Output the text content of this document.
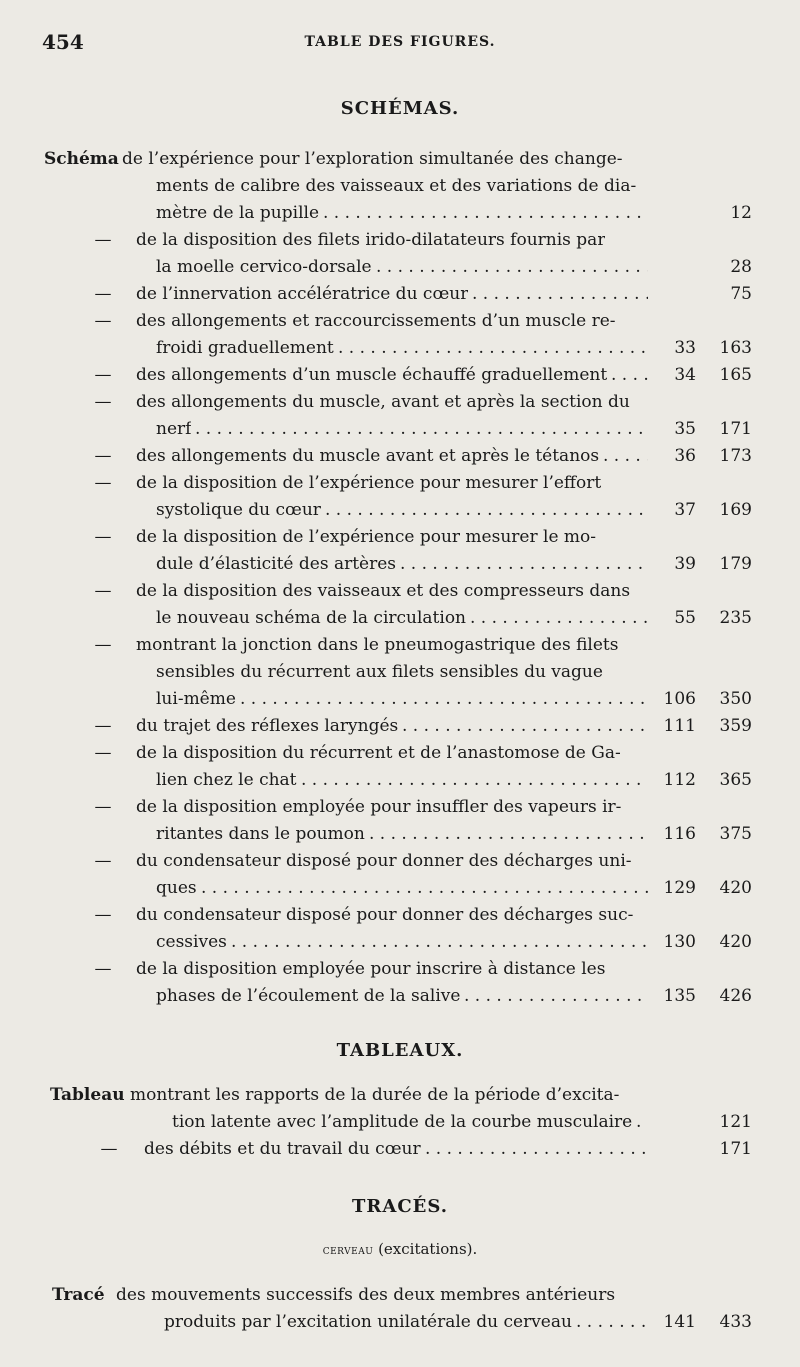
454	TABLE DES FIGURES.
SCHÉMAS.
Schéma de l’expérience pour l’exploration simultanée des change-
ments de calibre des vaisseaux et des variations de dia-
mètre de la pupille . . .	12
—	de la disposition des filets irido-dilatateurs fournis par
la moelle cervico-dorsale . . .	28
—	de l’innervation accélératrice du cœur . . .	75
—	des allongements et raccourcissements d’un muscle re-
froidi graduellement . . .	33	163
—	des allongements d’un muscle échauffé graduellement . . .	34	165
—	des allongements du muscle, avant et après la section du
nerf . . .	35	171
—	des allongements du muscle avant et après le tétanos . . .	36	173
—	de la disposition de l’expérience pour mesurer l’effort
systolique du cœur . . .	37	169
—	de la disposition de l’expérience pour mesurer le mo-
dule d’élasticité des artères . . .	39	179
—	de la disposition des vaisseaux et des compresseurs dans
le nouveau schéma de la circulation . . .	55	235
—	montrant la jonction dans le pneumogastrique des filets
sensibles du récurrent aux filets sensibles du vague
lui-même . . .	106	350
—	du trajet des réflexes laryngés . . .	111	359
—	de la disposition du récurrent et de l’anastomose de Ga-
lien chez le chat . . .	112	365
—	de la disposition employée pour insuffler des vapeurs ir-
ritantes dans le poumon . . .	116	375
—	du condensateur disposé pour donner des décharges uni-
ques . . .	129	420
—	du condensateur disposé pour donner des décharges suc-
cessives . . .	130	420
—	de la disposition employée pour inscrire à distance les
phases de l’écoulement de la salive . . .	135	426
TABLEAUX.
Tableau montrant les rapports de la durée de la période d’excita-
tion latente avec l’amplitude de la courbe musculaire . . .	121
—	des débits et du travail du cœur . . .	171
TRACÉS.
cerveau (excitations).
Tracé des mouvements successifs des deux membres antérieurs
produits par l’excitation unilatérale du cerveau . . .	141	433
